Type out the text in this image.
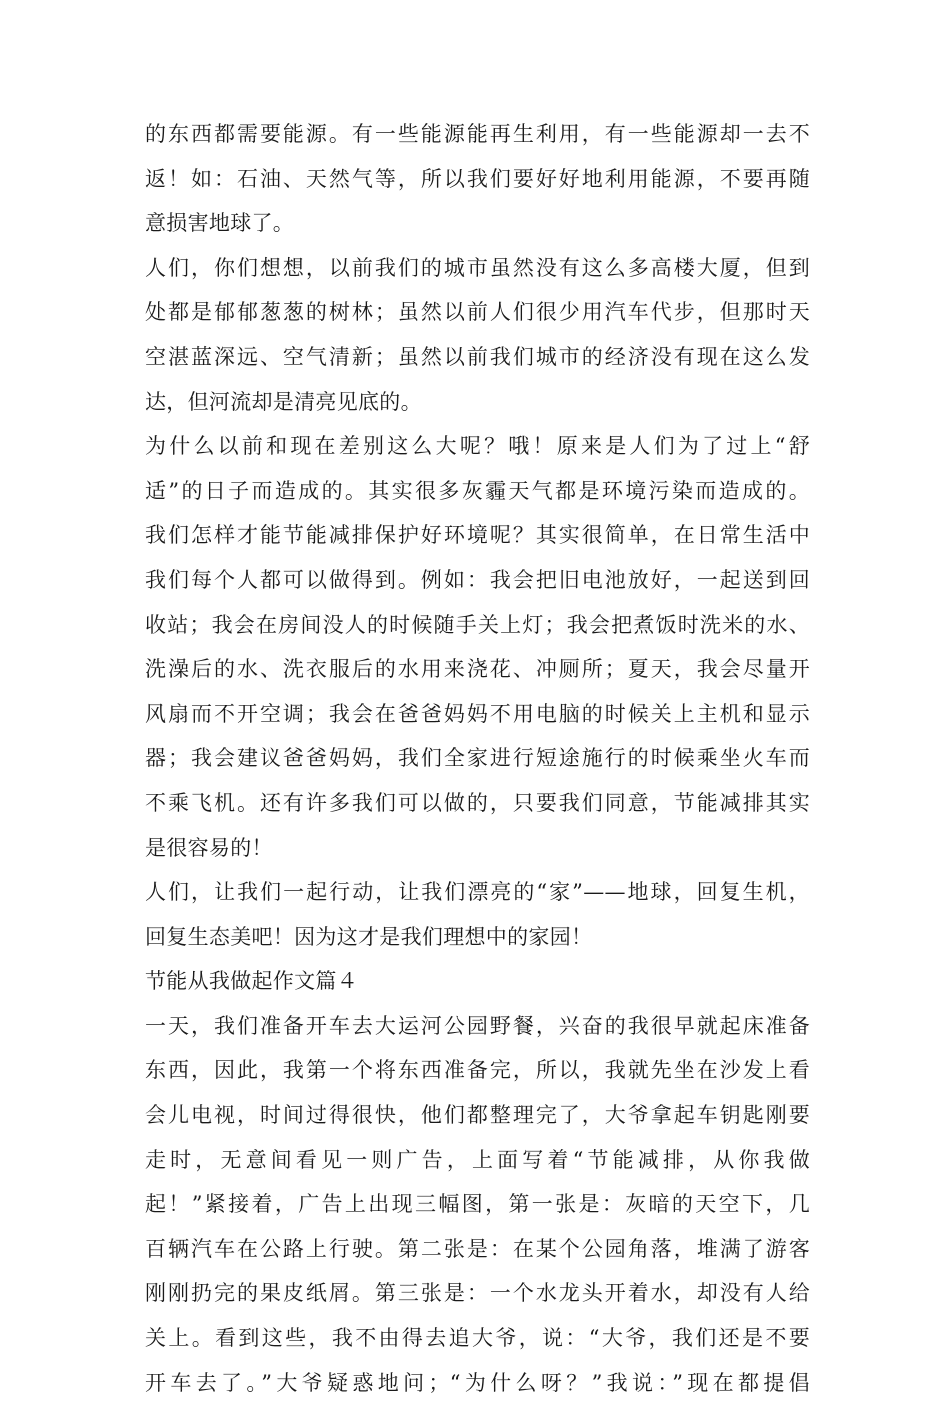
的东西都需要能源。有一些能源能再生利用，有一些能源却一去不
返！如：石油、天然气等，所以我们要好好地利用能源，不要再随
意损害地球了。
人们，你们想想，以前我们的城市虽然没有这么多高楼大厦，但到
处都是郁郁葱葱的树林；虽然以前人们很少用汽车代步，但那时天
空湛蓝深远、空气清新；虽然以前我们城市的经济没有现在这么发
达，但河流却是清亮见底的。
为什么以前和现在差别这么大呢？哦！原来是人们为了过上“舒
适”的日子而造成的。其实很多灰霾天气都是环境污染而造成的。
我们怎样才能节能减排保护好环境呢？其实很简单，在日常生活中
我们每个人都可以做得到。例如：我会把旧电池放好，一起送到回
收站；我会在房间没人的时候随手关上灯；我会把煮饭时洗米的水、
洗澡后的水、洗衣服后的水用来浇花、冲厕所；夏天，我会尽量开
风扇而不开空调；我会在爸爸妈妈不用电脑的时候关上主机和显示
器；我会建议爸爸妈妈，我们全家进行短途施行的时候乘坐火车而
不乘飞机。还有许多我们可以做的，只要我们同意，节能减排其实
是很容易的！
人们，让我们一起行动，让我们漂亮的“家”——地球，回复生机，
回复生态美吧！因为这才是我们理想中的家园！
节能从我做起作文篇４
一天，我们准备开车去大运河公园野餐，兴奋的我很早就起床准备
东西，因此，我第一个将东西准备完，所以，我就先坐在沙发上看
会儿电视，时间过得很快，他们都整理完了，大爷拿起车钥匙刚要
走时，无意间看见一则广告，上面写着“节能减排，从你我做
起！”紧接着，广告上出现三幅图，第一张是：灰暗的天空下，几
百辆汽车在公路上行驶。第二张是：在某个公园角落，堆满了游客
刚刚扔完的果皮纸屑。第三张是：一个水龙头开着水，却没有人给
关上。看到这些，我不由得去追大爷，说：“大爷，我们还是不要
开车去了。”大爷疑惑地问；“为什么呀？”我说：”现在都提倡
